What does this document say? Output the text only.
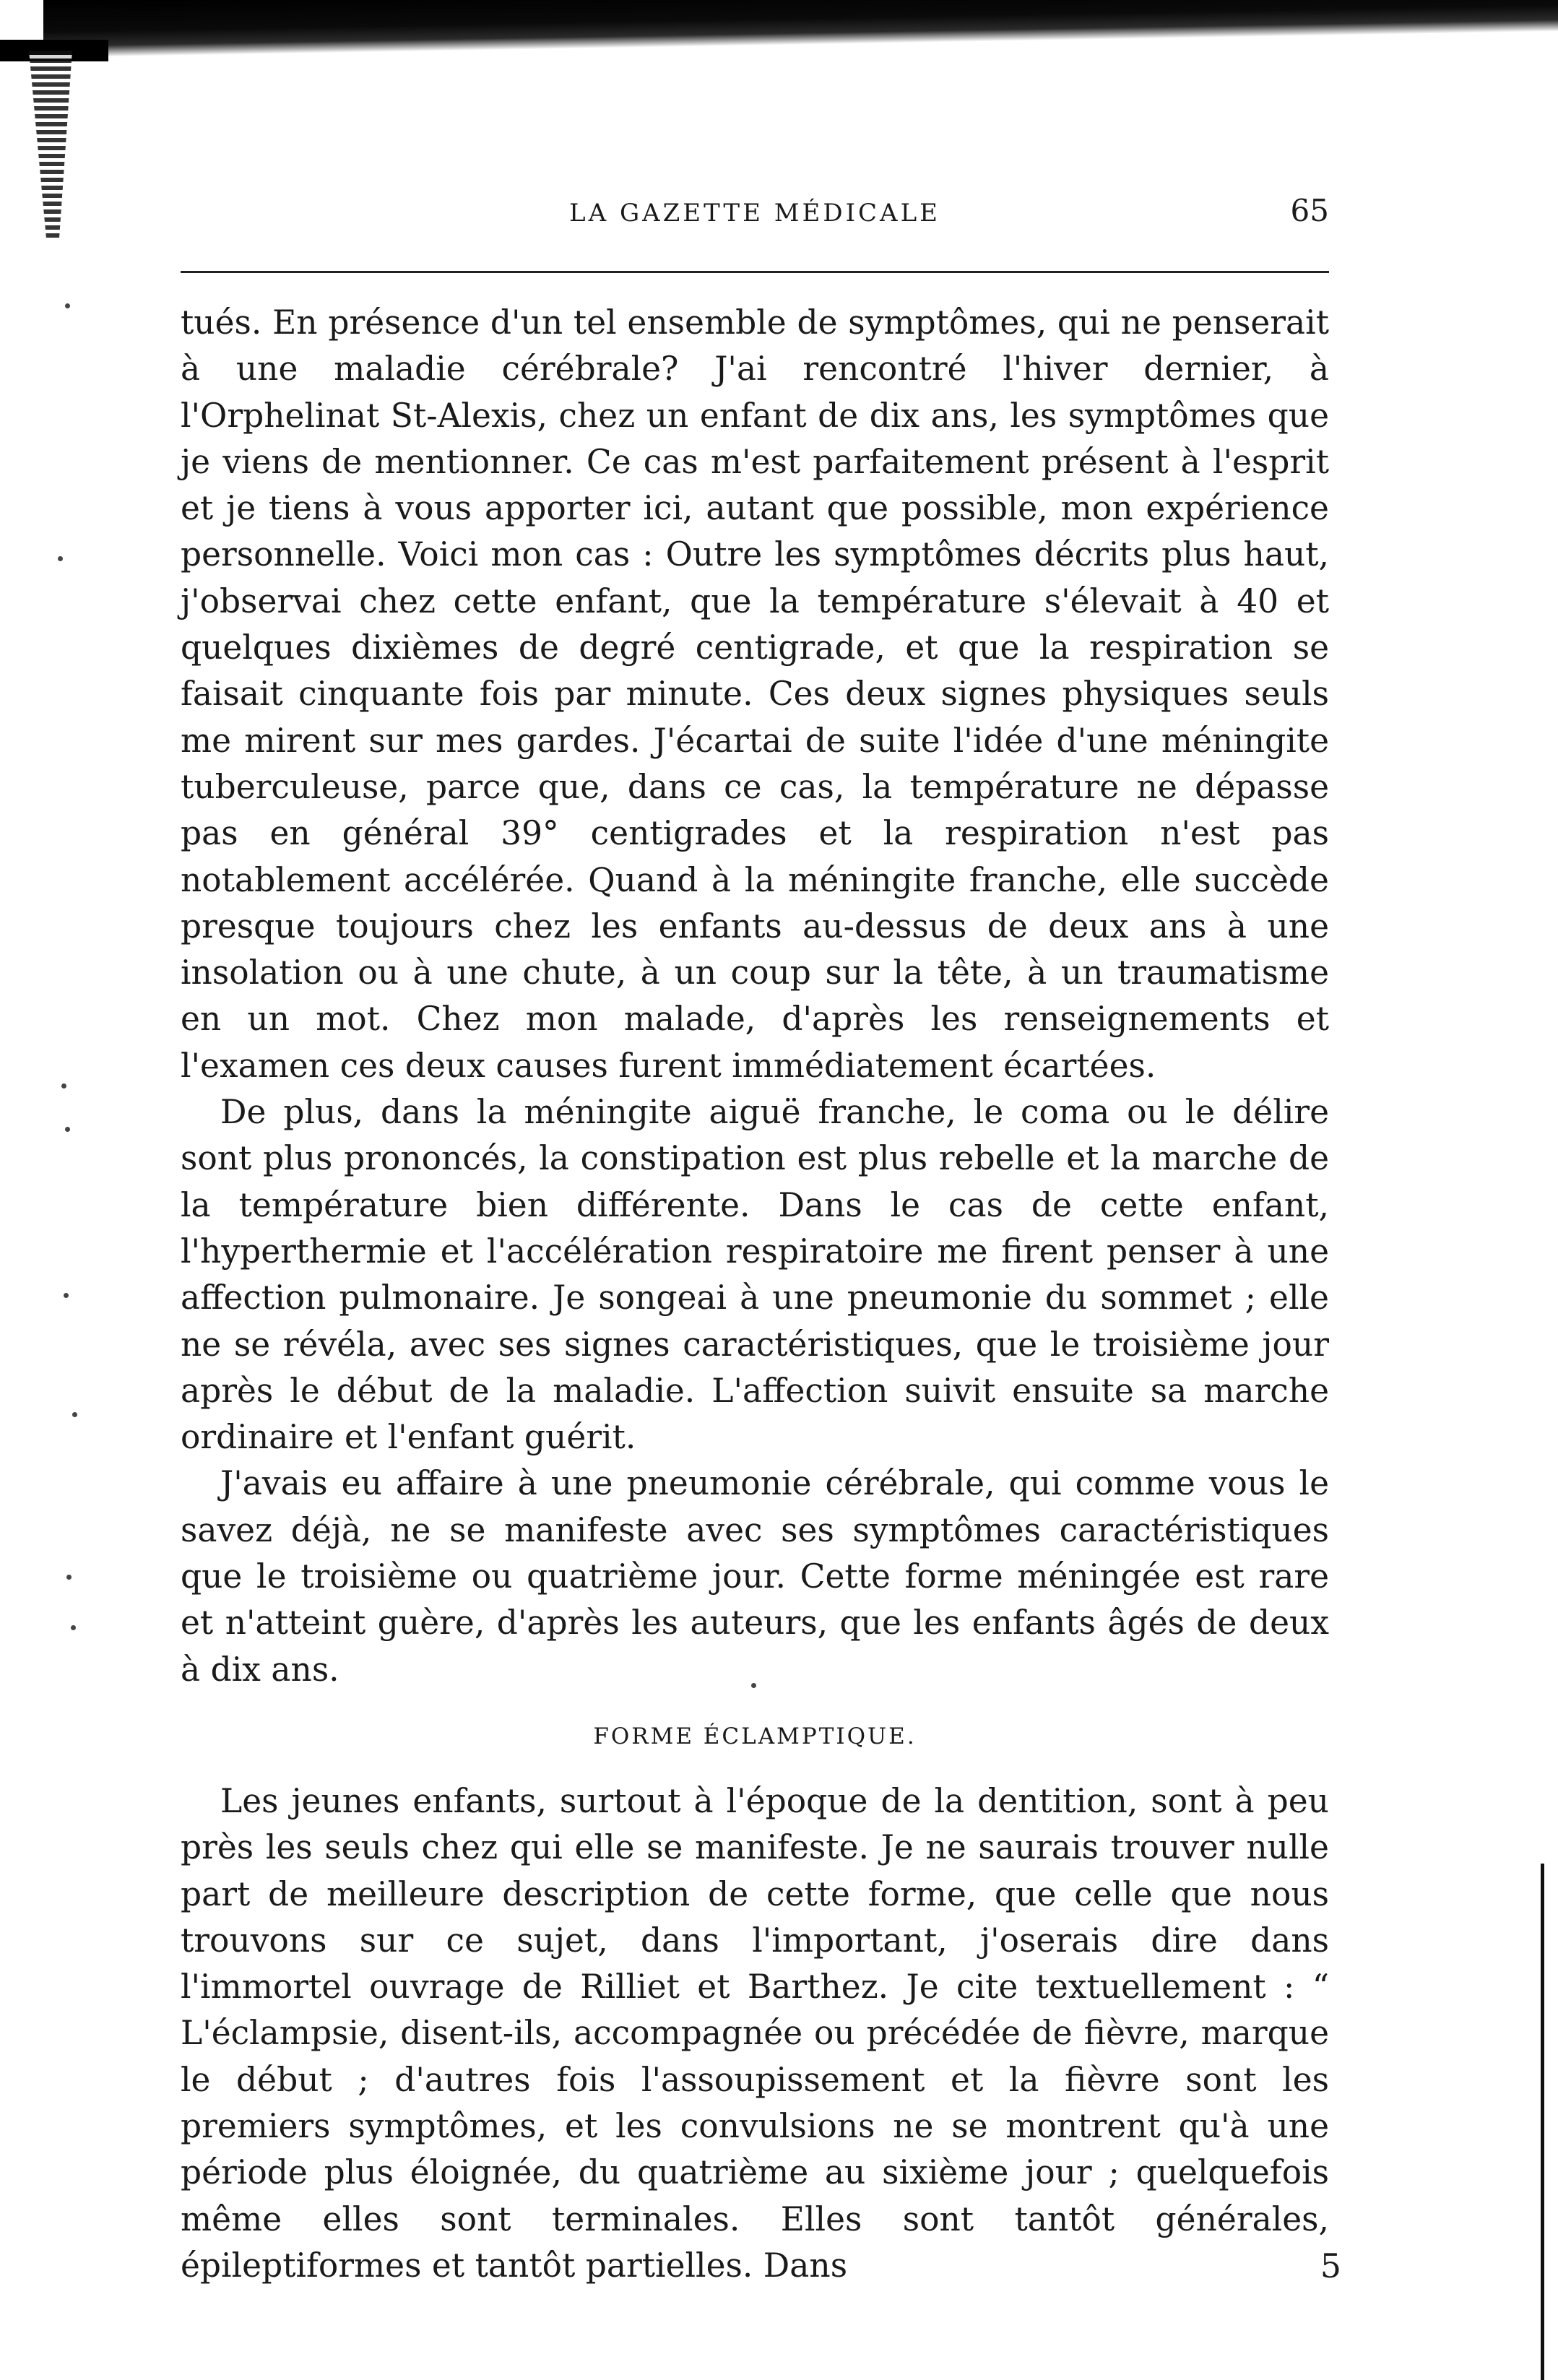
LA GAZETTE MÉDICALE	65

tués. En présence d'un tel ensemble de symptômes, qui ne penserait à une maladie cérébrale? J'ai rencontré l'hiver dernier, à l'Orphelinat St-Alexis, chez un enfant de dix ans, les symptômes que je viens de mentionner. Ce cas m'est parfaitement présent à l'esprit et je tiens à vous apporter ici, autant que possible, mon expérience personnelle. Voici mon cas : Outre les symptômes décrits plus haut, j'observai chez cette enfant, que la température s'élevait à 40 et quelques dixièmes de degré centigrade, et que la respiration se faisait cinquante fois par minute. Ces deux signes physiques seuls me mirent sur mes gardes. J'écartai de suite l'idée d'une méningite tuberculeuse, parce que, dans ce cas, la température ne dépasse pas en général 39° centigrades et la respiration n'est pas notablement accélérée. Quand à la méningite franche, elle succède presque toujours chez les enfants au-dessus de deux ans à une insolation ou à une chute, à un coup sur la tête, à un traumatisme en un mot. Chez mon malade, d'après les renseignements et l'examen ces deux causes furent immédiatement écartées.

De plus, dans la méningite aiguë franche, le coma ou le délire sont plus prononcés, la constipation est plus rebelle et la marche de la température bien différente. Dans le cas de cette enfant, l'hyperthermie et l'accélération respiratoire me firent penser à une affection pulmonaire. Je songeai à une pneumonie du sommet ; elle ne se révéla, avec ses signes caractéristiques, que le troisième jour après le début de la maladie. L'affection suivit ensuite sa marche ordinaire et l'enfant guérit.

J'avais eu affaire à une pneumonie cérébrale, qui comme vous le savez déjà, ne se manifeste avec ses symptômes caractéristiques que le troisième ou quatrième jour. Cette forme méningée est rare et n'atteint guère, d'après les auteurs, que les enfants âgés de deux à dix ans.

FORME ÉCLAMPTIQUE.

Les jeunes enfants, surtout à l'époque de la dentition, sont à peu près les seuls chez qui elle se manifeste. Je ne saurais trouver nulle part de meilleure description de cette forme, que celle que nous trouvons sur ce sujet, dans l'important, j'oserais dire dans l'immortel ouvrage de Rilliet et Barthez. Je cite textuellement : “ L'éclampsie, disent-ils, accompagnée ou précédée de fièvre, marque le début ; d'autres fois l'assoupissement et la fièvre sont les premiers symptômes, et les convulsions ne se montrent qu'à une période plus éloignée, du quatrième au sixième jour ; quelquefois même elles sont terminales. Elles sont tantôt générales, épileptiformes et tantôt partielles. Dans	5
